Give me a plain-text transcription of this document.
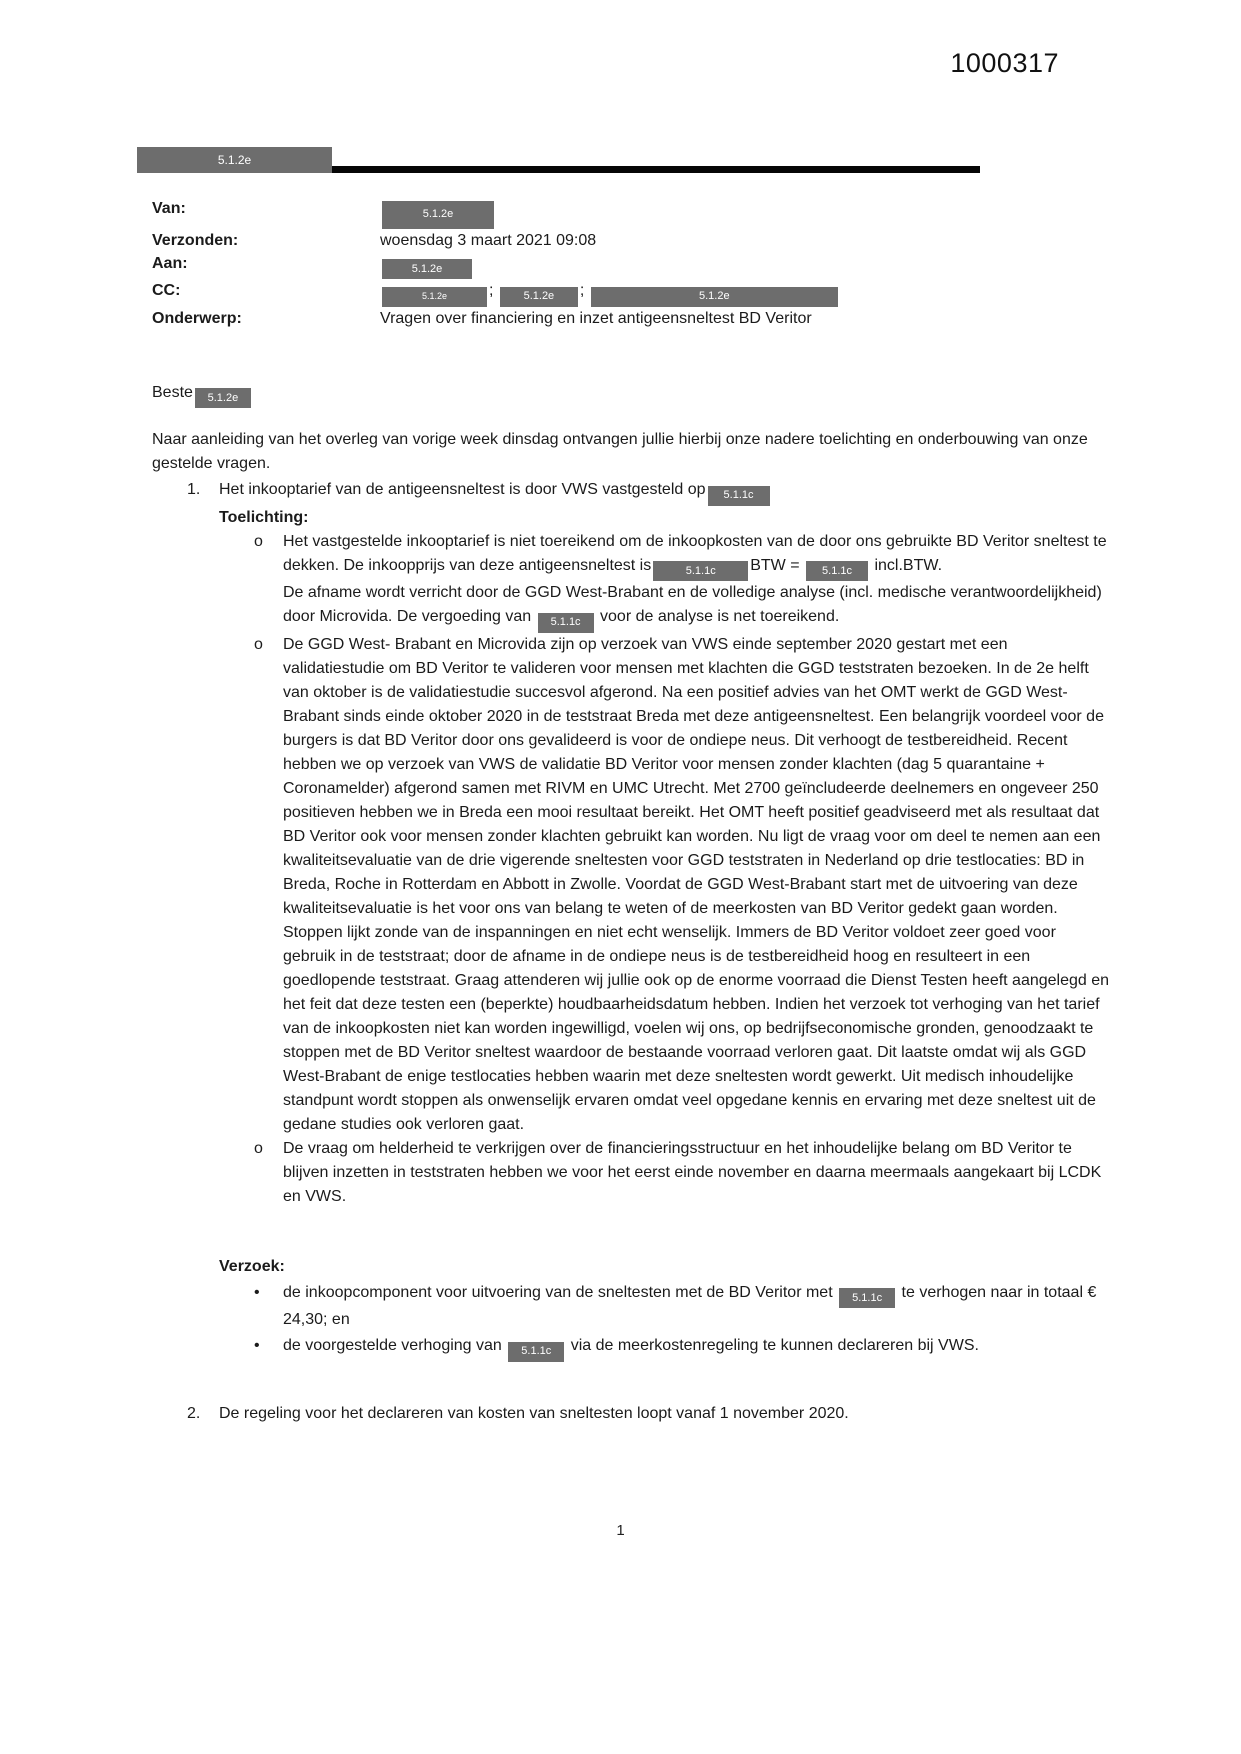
1000317
5.1.2e
Van:	5.1.2e
Verzonden:	woensdag 3 maart 2021 09:08
Aan:	5.1.2e
CC:	5.1.2e	; 5.1.2e ;	5.1.2e
Onderwerp:	Vragen over financiering en inzet antigeensneltest BD Veritor

Beste 5.1.2e

Naar aanleiding van het overleg van vorige week dinsdag ontvangen jullie hierbij onze nadere toelichting en onderbouwing van onze gestelde vragen.

1.	Het inkooptarief van de antigeensneltest is door VWS vastgesteld op 5.1.1c
Toelichting:
o	Het vastgestelde inkooptarief is niet toereikend om de inkoopkosten van de door ons gebruikte BD Veritor sneltest te dekken. De inkoopprijs van deze antigeensneltest is	5.1.1c BTW = 5.1.1c incl.BTW.
De afname wordt verricht door de GGD West-Brabant en de volledige analyse (incl. medische verantwoordelijkheid) door Microvida. De vergoeding van 5.1.1c voor de analyse is net toereikend.
o	De GGD West- Brabant en Microvida zijn op verzoek van VWS einde september 2020 gestart met een validatiestudie om BD Veritor te valideren voor mensen met klachten die GGD teststraten bezoeken. In de 2e helft van oktober is de validatiestudie succesvol afgerond. Na een positief advies van het OMT werkt de GGD West-Brabant sinds einde oktober 2020 in de teststraat Breda met deze antigeensneltest. Een belangrijk voordeel voor de burgers is dat BD Veritor door ons gevalideerd is voor de ondiepe neus. Dit verhoogt de testbereidheid. Recent hebben we op verzoek van VWS de validatie BD Veritor voor mensen zonder klachten (dag 5 quarantaine + Coronamelder) afgerond samen met RIVM en UMC Utrecht. Met 2700 geïncludeerde deelnemers en ongeveer 250 positieven hebben we in Breda een mooi resultaat bereikt. Het OMT heeft positief geadviseerd met als resultaat dat BD Veritor ook voor mensen zonder klachten gebruikt kan worden. Nu ligt de vraag voor om deel te nemen aan een kwaliteitsevaluatie van de drie vigerende sneltesten voor GGD teststraten in Nederland op drie testlocaties: BD in Breda, Roche in Rotterdam en Abbott in Zwolle. Voordat de GGD West-Brabant start met de uitvoering van deze kwaliteitsevaluatie is het voor ons van belang te weten of de meerkosten van BD Veritor gedekt gaan worden. Stoppen lijkt zonde van de inspanningen en niet echt wenselijk. Immers de BD Veritor voldoet zeer goed voor gebruik in de teststraat; door de afname in de ondiepe neus is de testbereidheid hoog en resulteert in een goedlopende teststraat. Graag attenderen wij jullie ook op de enorme voorraad die Dienst Testen heeft aangelegd en het feit dat deze testen een (beperkte) houdbaarheidsdatum hebben. Indien het verzoek tot verhoging van het tarief van de inkoopkosten niet kan worden ingewilligd, voelen wij ons, op bedrijfseconomische gronden, genoodzaakt te stoppen met de BD Veritor sneltest waardoor de bestaande voorraad verloren gaat. Dit laatste omdat wij als GGD West-Brabant de enige testlocaties hebben waarin met deze sneltesten wordt gewerkt. Uit medisch inhoudelijke standpunt wordt stoppen als onwenselijk ervaren omdat veel opgedane kennis en ervaring met deze sneltest uit de gedane studies ook verloren gaat.
o	De vraag om helderheid te verkrijgen over de financieringsstructuur en het inhoudelijke belang om BD Veritor te blijven inzetten in teststraten hebben we voor het eerst einde november en daarna meermaals aangekaart bij LCDK en VWS.
Verzoek:
•	de inkoopcomponent voor uitvoering van de sneltesten met de BD Veritor met 5.1.1c te verhogen naar in totaal € 24,30; en
•	de voorgestelde verhoging van 5.1.1c via de meerkostenregeling te kunnen declareren bij VWS.
2.	De regeling voor het declareren van kosten van sneltesten loopt vanaf 1 november 2020.
1
